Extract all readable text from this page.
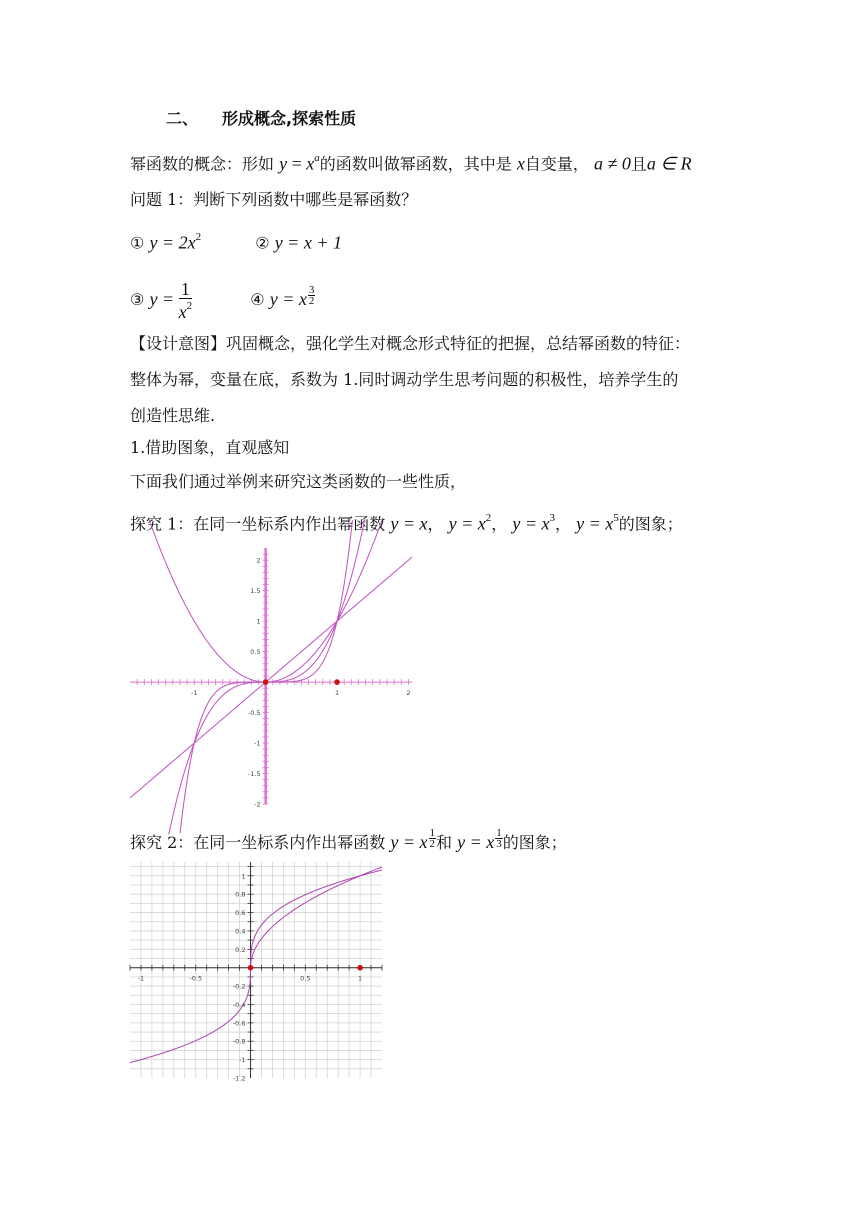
二、 形成概念,探索性质
幂函数的概念：形如 $y = x^a$的函数叫做幂函数，其中是 x自变量， a ≠ 0且a ∈ R
问题 1：判断下列函数中哪些是幂函数？
① $y = 2x^2$	② y = x + 1
③ $y = \frac{1}{x^2}$	④ y = x $\frac{3}{2}$
【设计意图】巩固概念，强化学生对概念形式特征的把握，总结幂函数的特征：
整体为幂，变量在底，系数为 1.同时调动学生思考问题的积极性，培养学生的
创造性思维.
1.借助图象，直观感知
下面我们通过举例来研究这类函数的一些性质，
探究 1：在同一坐标系内作出幂函数 y = x， $y = x^2$， $y = x^3$， $y = x^5$的图象；
-1	1	2
2
1.5
1
0.5
-0.5
-1
-1.5
-2
探究 2：在同一坐标系内作出幂函数 y = x $\frac{1}{2}$ 和 y = x $\frac{1}{3}$ 的图象；
-1	-0.5	0.5	1
1
0.8
0.6
0.4
0.2
-0.2
-0.4
-0.6
-0.8
-1
-1.2
